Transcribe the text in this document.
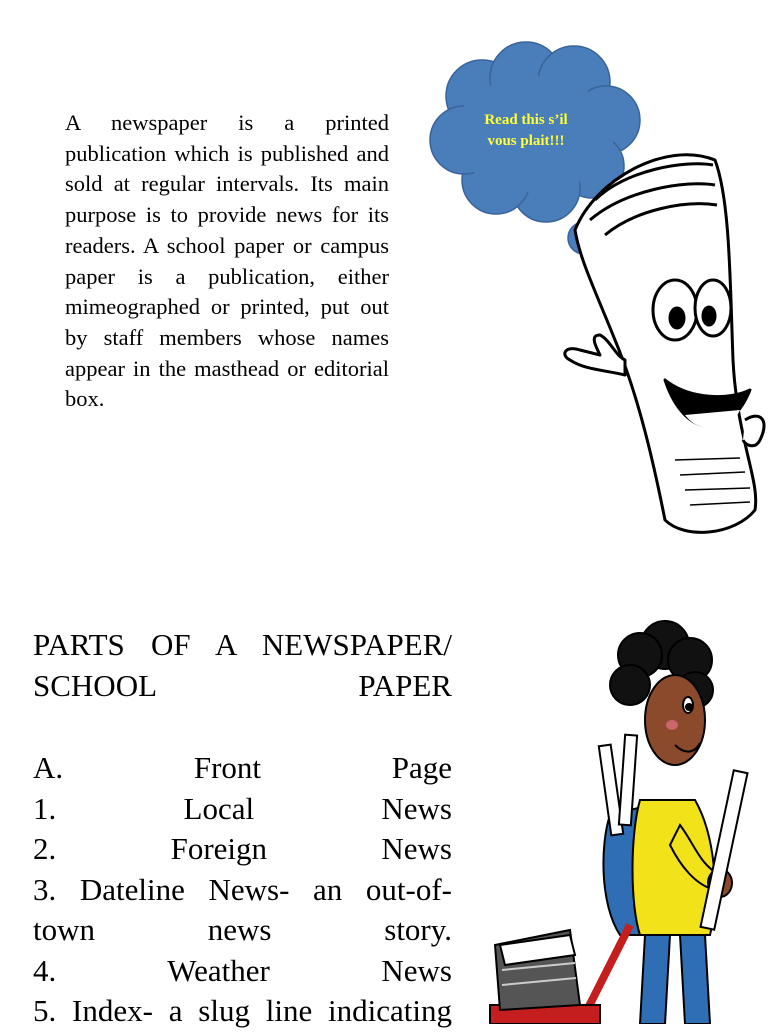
A newspaper is a printed publication which is published and sold at regular intervals. Its main purpose is to provide news for its readers. A school paper or campus paper is a publication, either mimeographed or printed, put out by staff members whose names appear in the masthead or editorial box.

Read this s’il
vous plait!!!
PARTS OF A NEWSPAPER/
SCHOOL PAPER
A. Front Page
1. Local News
2. Foreign News
3. Dateline News- an out-of-
town news story.
4. Weather News
5. Index- a slug line indicating
